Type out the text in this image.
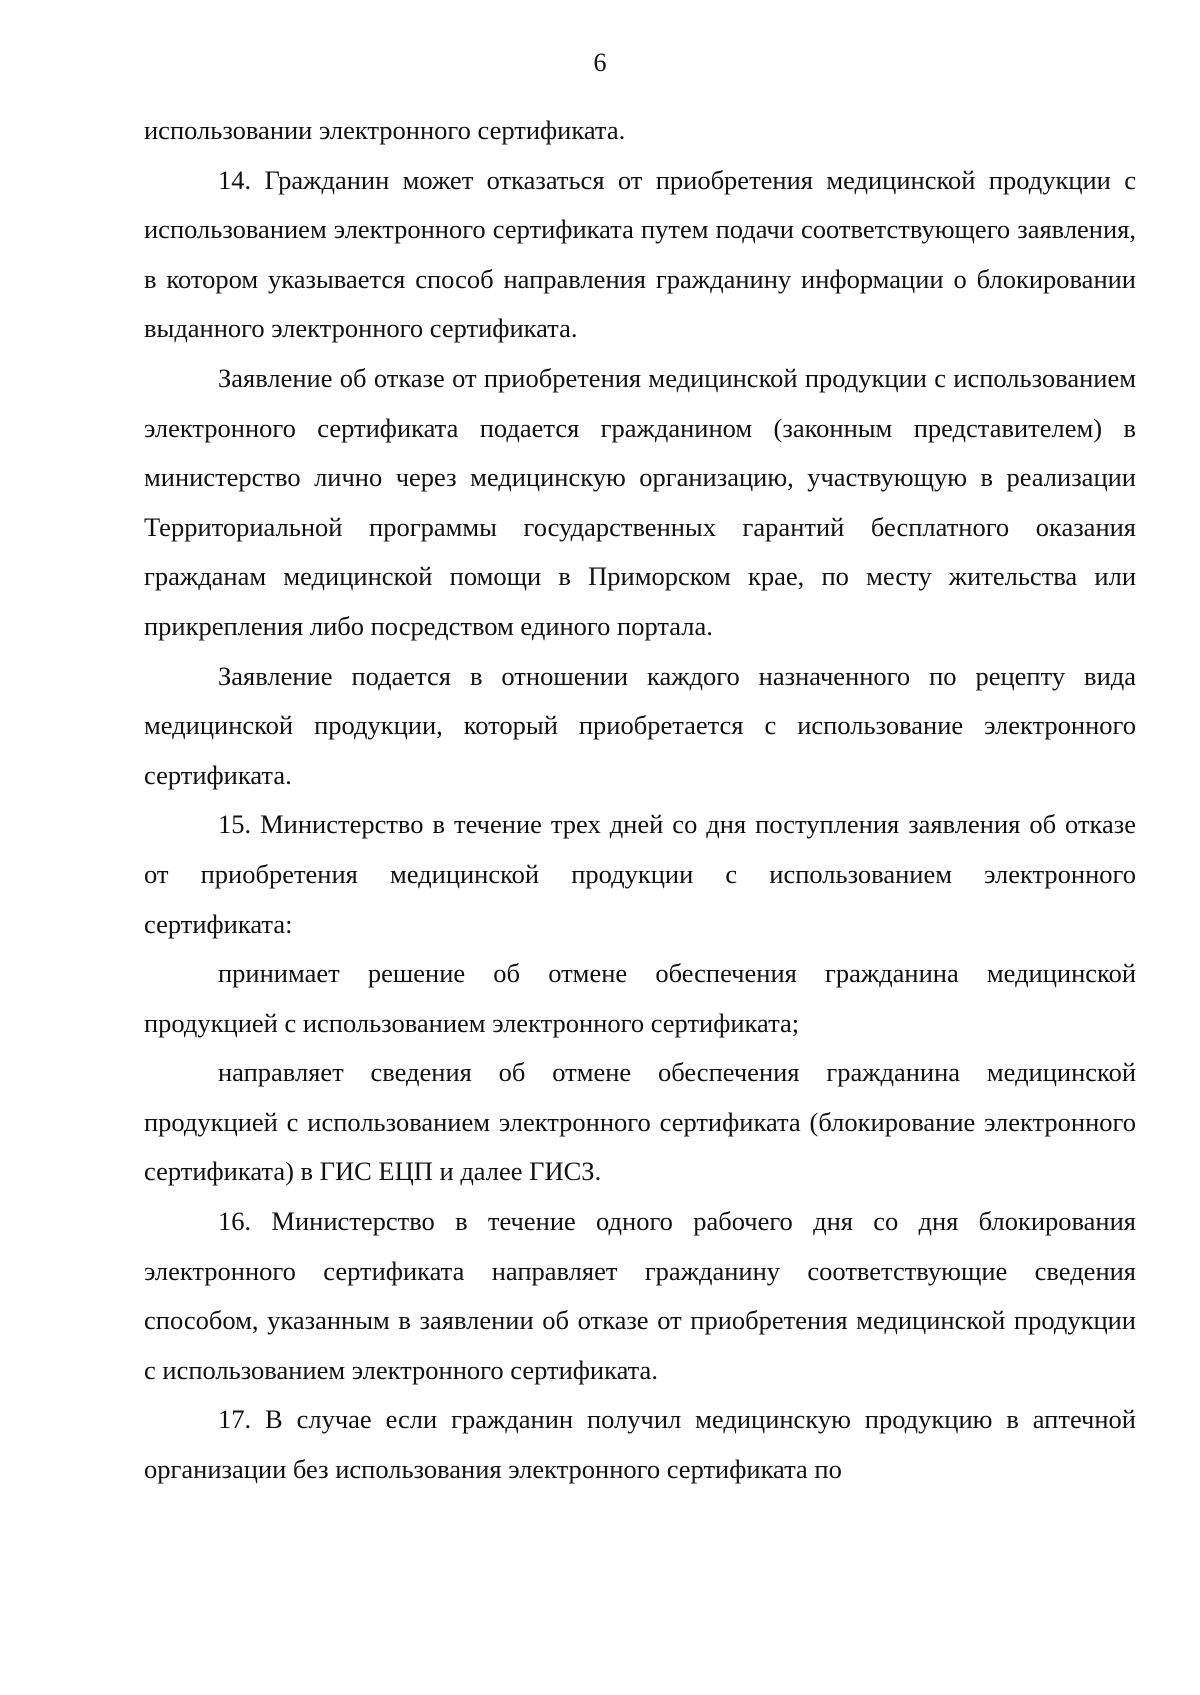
6

использовании электронного сертификата.

14. Гражданин может отказаться от приобретения медицинской продукции с использованием электронного сертификата путем подачи соответствующего заявления, в котором указывается способ направления гражданину информации о блокировании выданного электронного сертификата.

Заявление об отказе от приобретения медицинской продукции с использованием электронного сертификата подается гражданином (законным представителем) в министерство лично через медицинскую организацию, участвующую в реализации Территориальной программы государственных гарантий бесплатного оказания гражданам медицинской помощи в Приморском крае, по месту жительства или прикрепления либо посредством единого портала.

Заявление подается в отношении каждого назначенного по рецепту вида медицинской продукции, который приобретается с использование электронного сертификата.

15. Министерство в течение трех дней со дня поступления заявления об отказе от приобретения медицинской продукции с использованием электронного сертификата:

принимает решение об отмене обеспечения гражданина медицинской продукцией с использованием электронного сертификата;

направляет сведения об отмене обеспечения гражданина медицинской продукцией с использованием электронного сертификата (блокирование электронного сертификата) в ГИС ЕЦП и далее ГИСЗ.

16. Министерство в течение одного рабочего дня со дня блокирования электронного сертификата направляет гражданину соответствующие сведения способом, указанным в заявлении об отказе от приобретения медицинской продукции с использованием электронного сертификата.

17. В случае если гражданин получил медицинскую продукцию в аптечной организации без использования электронного сертификата по
